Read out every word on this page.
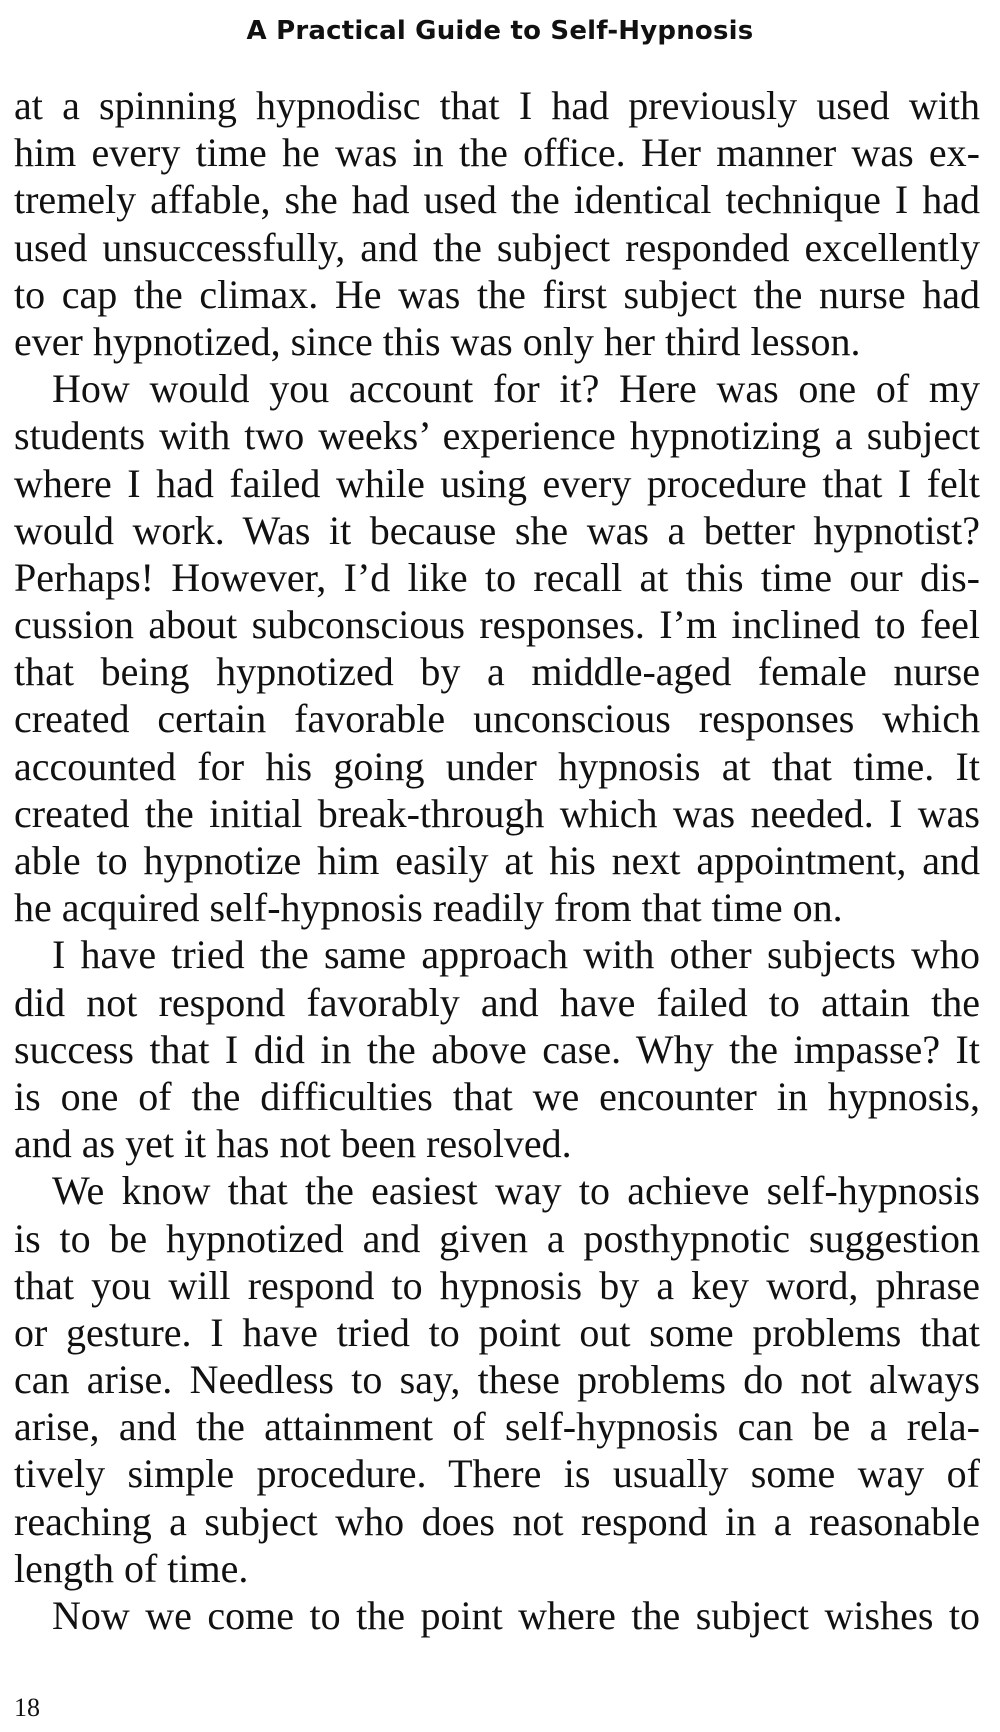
A Practical Guide to Self-Hypnosis
at a spinning hypnodisc that I had previously used with
him every time he was in the office. Her manner was ex-
tremely affable, she had used the identical technique I had
used unsuccessfully, and the subject responded excellently
to cap the climax. He was the first subject the nurse had
ever hypnotized, since this was only her third lesson.
How would you account for it? Here was one of my
students with two weeks’ experience hypnotizing a subject
where I had failed while using every procedure that I felt
would work. Was it because she was a better hypnotist?
Perhaps! However, I’d like to recall at this time our dis-
cussion about subconscious responses. I’m inclined to feel
that being hypnotized by a middle-aged female nurse
created certain favorable unconscious responses which
accounted for his going under hypnosis at that time. It
created the initial break-through which was needed. I was
able to hypnotize him easily at his next appointment, and
he acquired self-hypnosis readily from that time on.
I have tried the same approach with other subjects who
did not respond favorably and have failed to attain the
success that I did in the above case. Why the impasse? It
is one of the difficulties that we encounter in hypnosis,
and as yet it has not been resolved.
We know that the easiest way to achieve self-hypnosis
is to be hypnotized and given a posthypnotic suggestion
that you will respond to hypnosis by a key word, phrase
or gesture. I have tried to point out some problems that
can arise. Needless to say, these problems do not always
arise, and the attainment of self-hypnosis can be a rela-
tively simple procedure. There is usually some way of
reaching a subject who does not respond in a reasonable
length of time.
Now we come to the point where the subject wishes to
18
